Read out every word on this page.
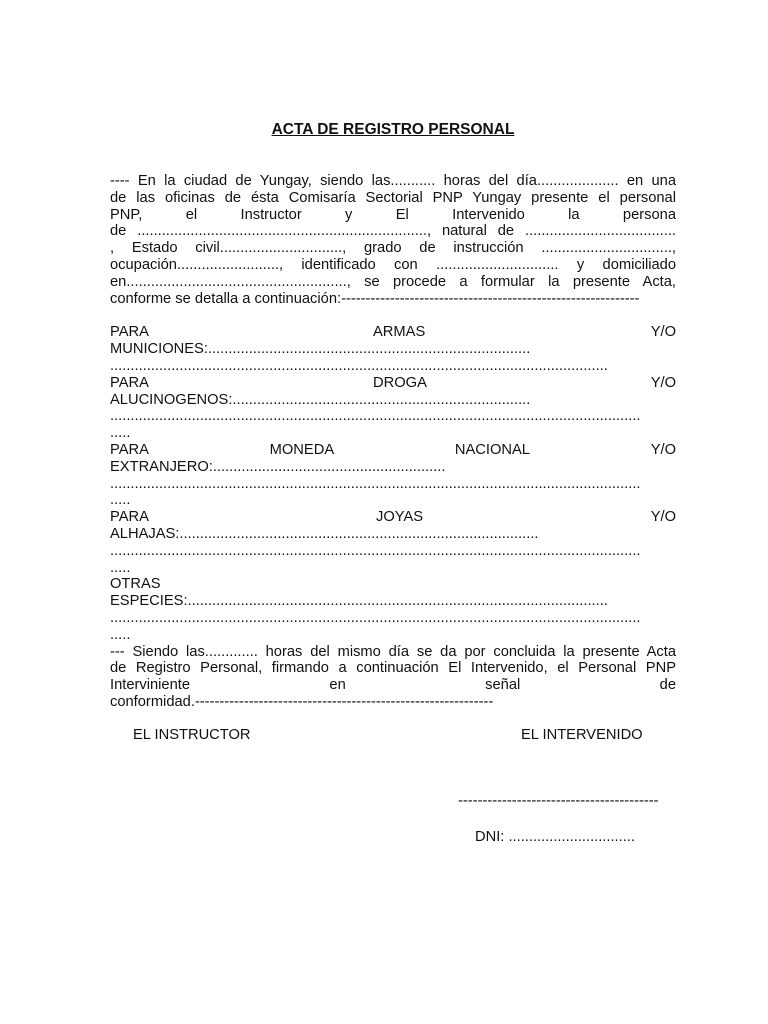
ACTA DE REGISTRO PERSONAL

---- En la ciudad de Yungay, siendo las........... horas del día.................... en una

de las oficinas de ésta Comisaría Sectorial PNP Yungay presente el personal

PNP, el Instructor y El Intervenido la persona

de ......................................................................., natural de .....................................

, Estado civil.............................., grado de instrucción ................................,

ocupación........................., identificado con .............................. y domiciliado

en......................................................, se procede a formular la presente Acta,

conforme se detalla a continuación:-------------------------------------------------------------

PARA ARMAS Y/O

MUNICIONES:...............................................................................

..........................................................................................................................

PARA DROGA Y/O

ALUCINOGENOS:.........................................................................

..................................................................................................................................

.....

PARA MONEDA NACIONAL Y/O

EXTRANJERO:.........................................................

..................................................................................................................................

.....

PARA JOYAS Y/O

ALHAJAS:........................................................................................

..................................................................................................................................

.....

OTRAS

ESPECIES:.......................................................................................................

..................................................................................................................................

.....

--- Siendo las............. horas del mismo día se da por concluida la presente Acta

de Registro Personal, firmando a continuación El Intervenido, el Personal PNP

Interviniente en señal de

conformidad.-------------------------------------------------------------

EL INSTRUCTOR	EL INTERVENIDO

-----------------------------------------

DNI: ...............................
